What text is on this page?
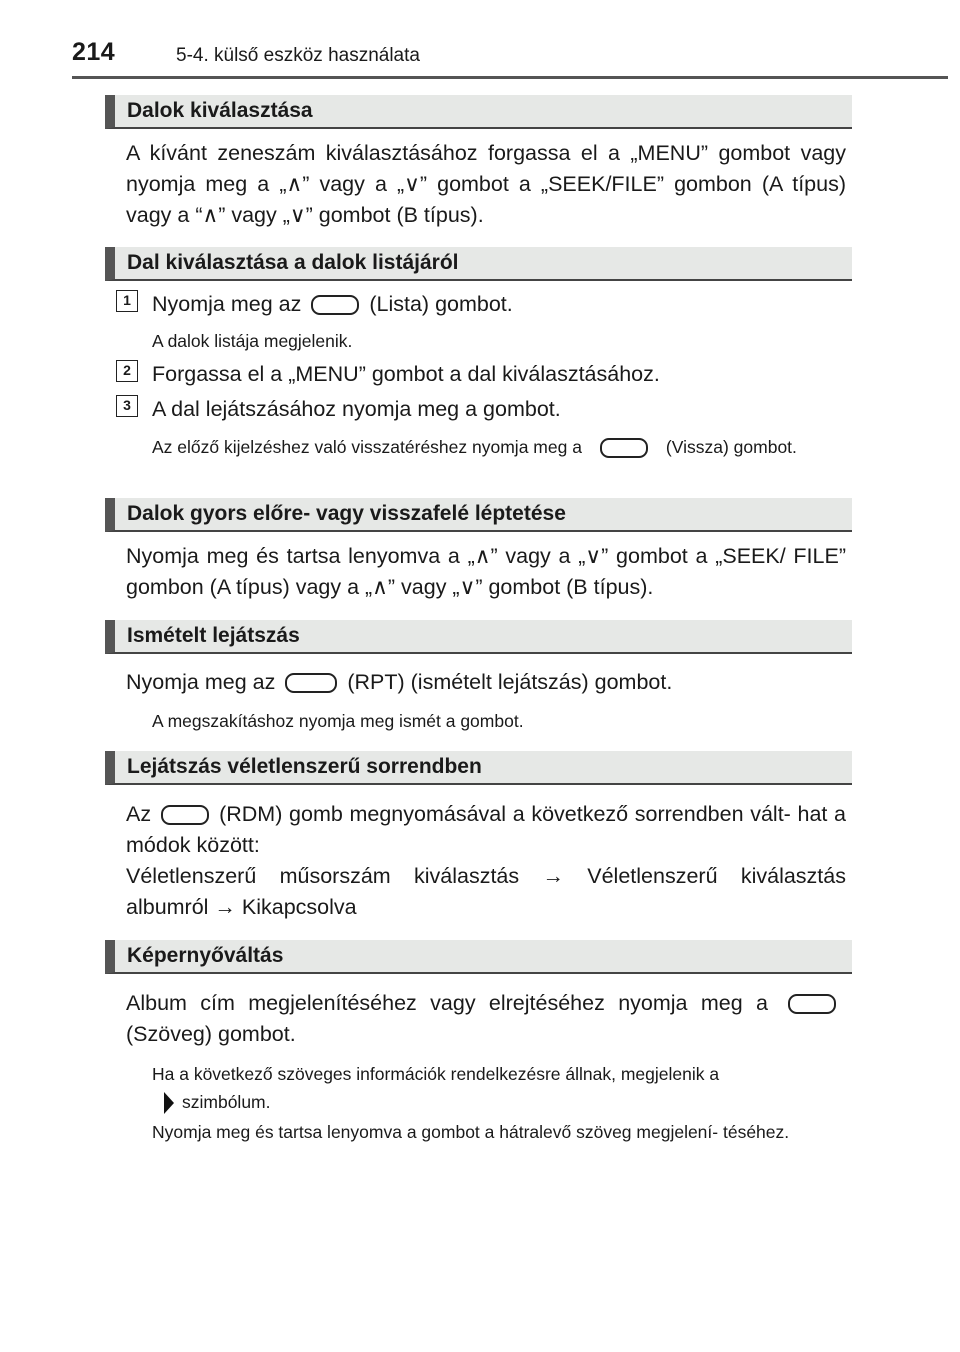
214	5-4. külső eszköz használata
Dalok kiválasztása
A kívánt zeneszám kiválasztásához forgassa el a „MENU” gombot vagy nyomja meg a „∧” vagy a „∨” gombot a „SEEK/FILE” gombon (A típus) vagy a “∧” vagy „∨” gombot (B típus).
Dal kiválasztása a dalok listájáról
1 Nyomja meg az	(Lista) gombot.
A dalok listája megjelenik.
2 Forgassa el a „MENU” gombot a dal kiválasztásához.
3 A dal lejátszásához nyomja meg a gombot.
Az előző kijelzéshez való visszatéréshez nyomja meg a	(Vissza) gombot.
Dalok gyors előre- vagy visszafelé léptetése
Nyomja meg és tartsa lenyomva a „∧” vagy a „∨” gombot a „SEEK/ FILE” gombon (A típus) vagy a „∧” vagy „∨” gombot (B típus).
Ismételt lejátszás
Nyomja meg az	(RPT) (ismételt lejátszás) gombot.
A megszakításhoz nyomja meg ismét a gombot.
Lejátszás véletlenszerű sorrendben
Az	(RDM) gomb megnyomásával a következő sorrendben vált- hat a módok között:
Véletlenszerű műsorszám kiválasztás → Véletlenszerű kiválasztás albumról → Kikapcsolva
Képernyőváltás
Album cím megjelenítéséhez vagy elrejtéséhez nyomja meg a(Szöveg) gombot.
Ha a következő szöveges információk rendelkezésre állnak, megjelenik a
szimbólum.
Nyomja meg és tartsa lenyomva a gombot a hátralevő szöveg megjelení- téséhez.
